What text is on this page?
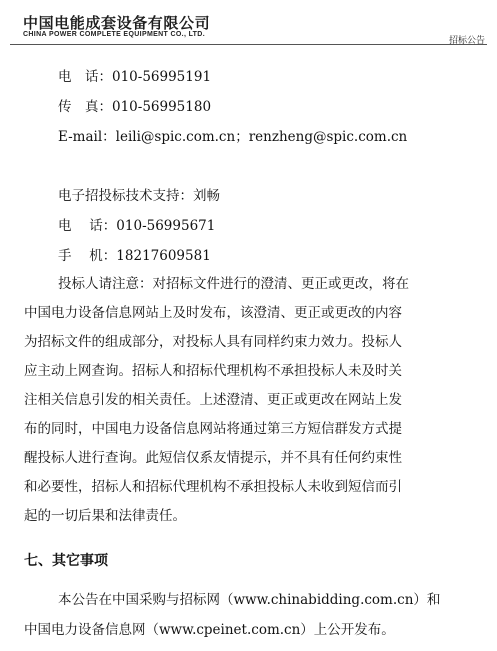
中国电能成套设备有限公司
CHINA POWER COMPLETE EQUIPMENT CO., LTD.
招标公告
电　话：010-56995191
传　真：010-56995180
E-mail：leili@spic.com.cn；renzheng@spic.com.cn
电子招投标技术支持：刘畅
电　 话：010-56995671
手　 机：18217609581
投标人请注意：对招标文件进行的澄清、更正或更改，将在
中国电力设备信息网站上及时发布，该澄清、更正或更改的内容
为招标文件的组成部分，对投标人具有同样约束力效力。投标人
应主动上网查询。招标人和招标代理机构不承担投标人未及时关
注相关信息引发的相关责任。上述澄清、更正或更改在网站上发
布的同时，中国电力设备信息网站将通过第三方短信群发方式提
醒投标人进行查询。此短信仅系友情提示，并不具有任何约束性
和必要性，招标人和招标代理机构不承担投标人未收到短信而引
起的一切后果和法律责任。
七、其它事项
本公告在中国采购与招标网（www.chinabidding.com.cn）和
中国电力设备信息网（www.cpeinet.com.cn）上公开发布。
